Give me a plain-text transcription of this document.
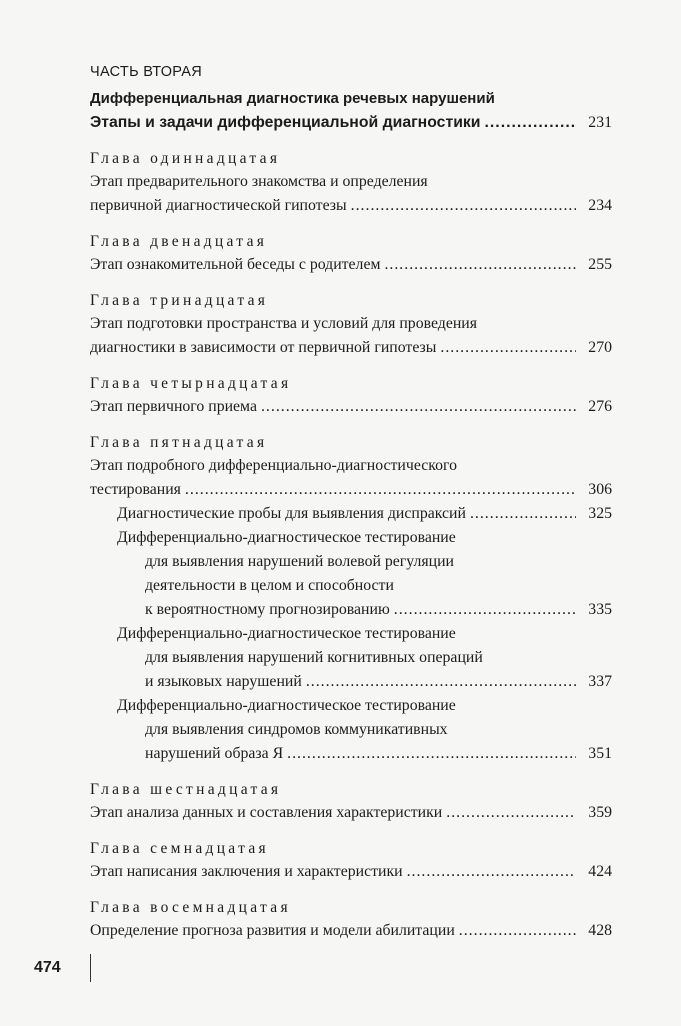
ЧАСТЬ ВТОРАЯ
Дифференциальная диагностика речевых нарушений
Этапы и задачи дифференциальной диагностики .....	231
Глава одиннадцатая
Этап предварительного знакомства и определения
первичной диагностической гипотезы .....	234
Глава двенадцатая
Этап ознакомительной беседы с родителем .....	255
Глава тринадцатая
Этап подготовки пространства и условий для проведения
диагностики в зависимости от первичной гипотезы .....	270
Глава четырнадцатая
Этап первичного приема .....	276
Глава пятнадцатая
Этап подробного дифференциально-диагностического
тестирования .....	306
Диагностические пробы для выявления диспраксий .....	325
Дифференциально-диагностическое тестирование
для выявления нарушений волевой регуляции
деятельности в целом и способности
к вероятностному прогнозированию .....	335
Дифференциально-диагностическое тестирование
для выявления нарушений когнитивных операций
и языковых нарушений .....	337
Дифференциально-диагностическое тестирование
для выявления синдромов коммуникативных
нарушений образа Я .....	351
Глава шестнадцатая
Этап анализа данных и составления характеристики .....	359
Глава семнадцатая
Этап написания заключения и характеристики .....	424
Глава восемнадцатая
Определение прогноза развития и модели абилитации .....	428
474
